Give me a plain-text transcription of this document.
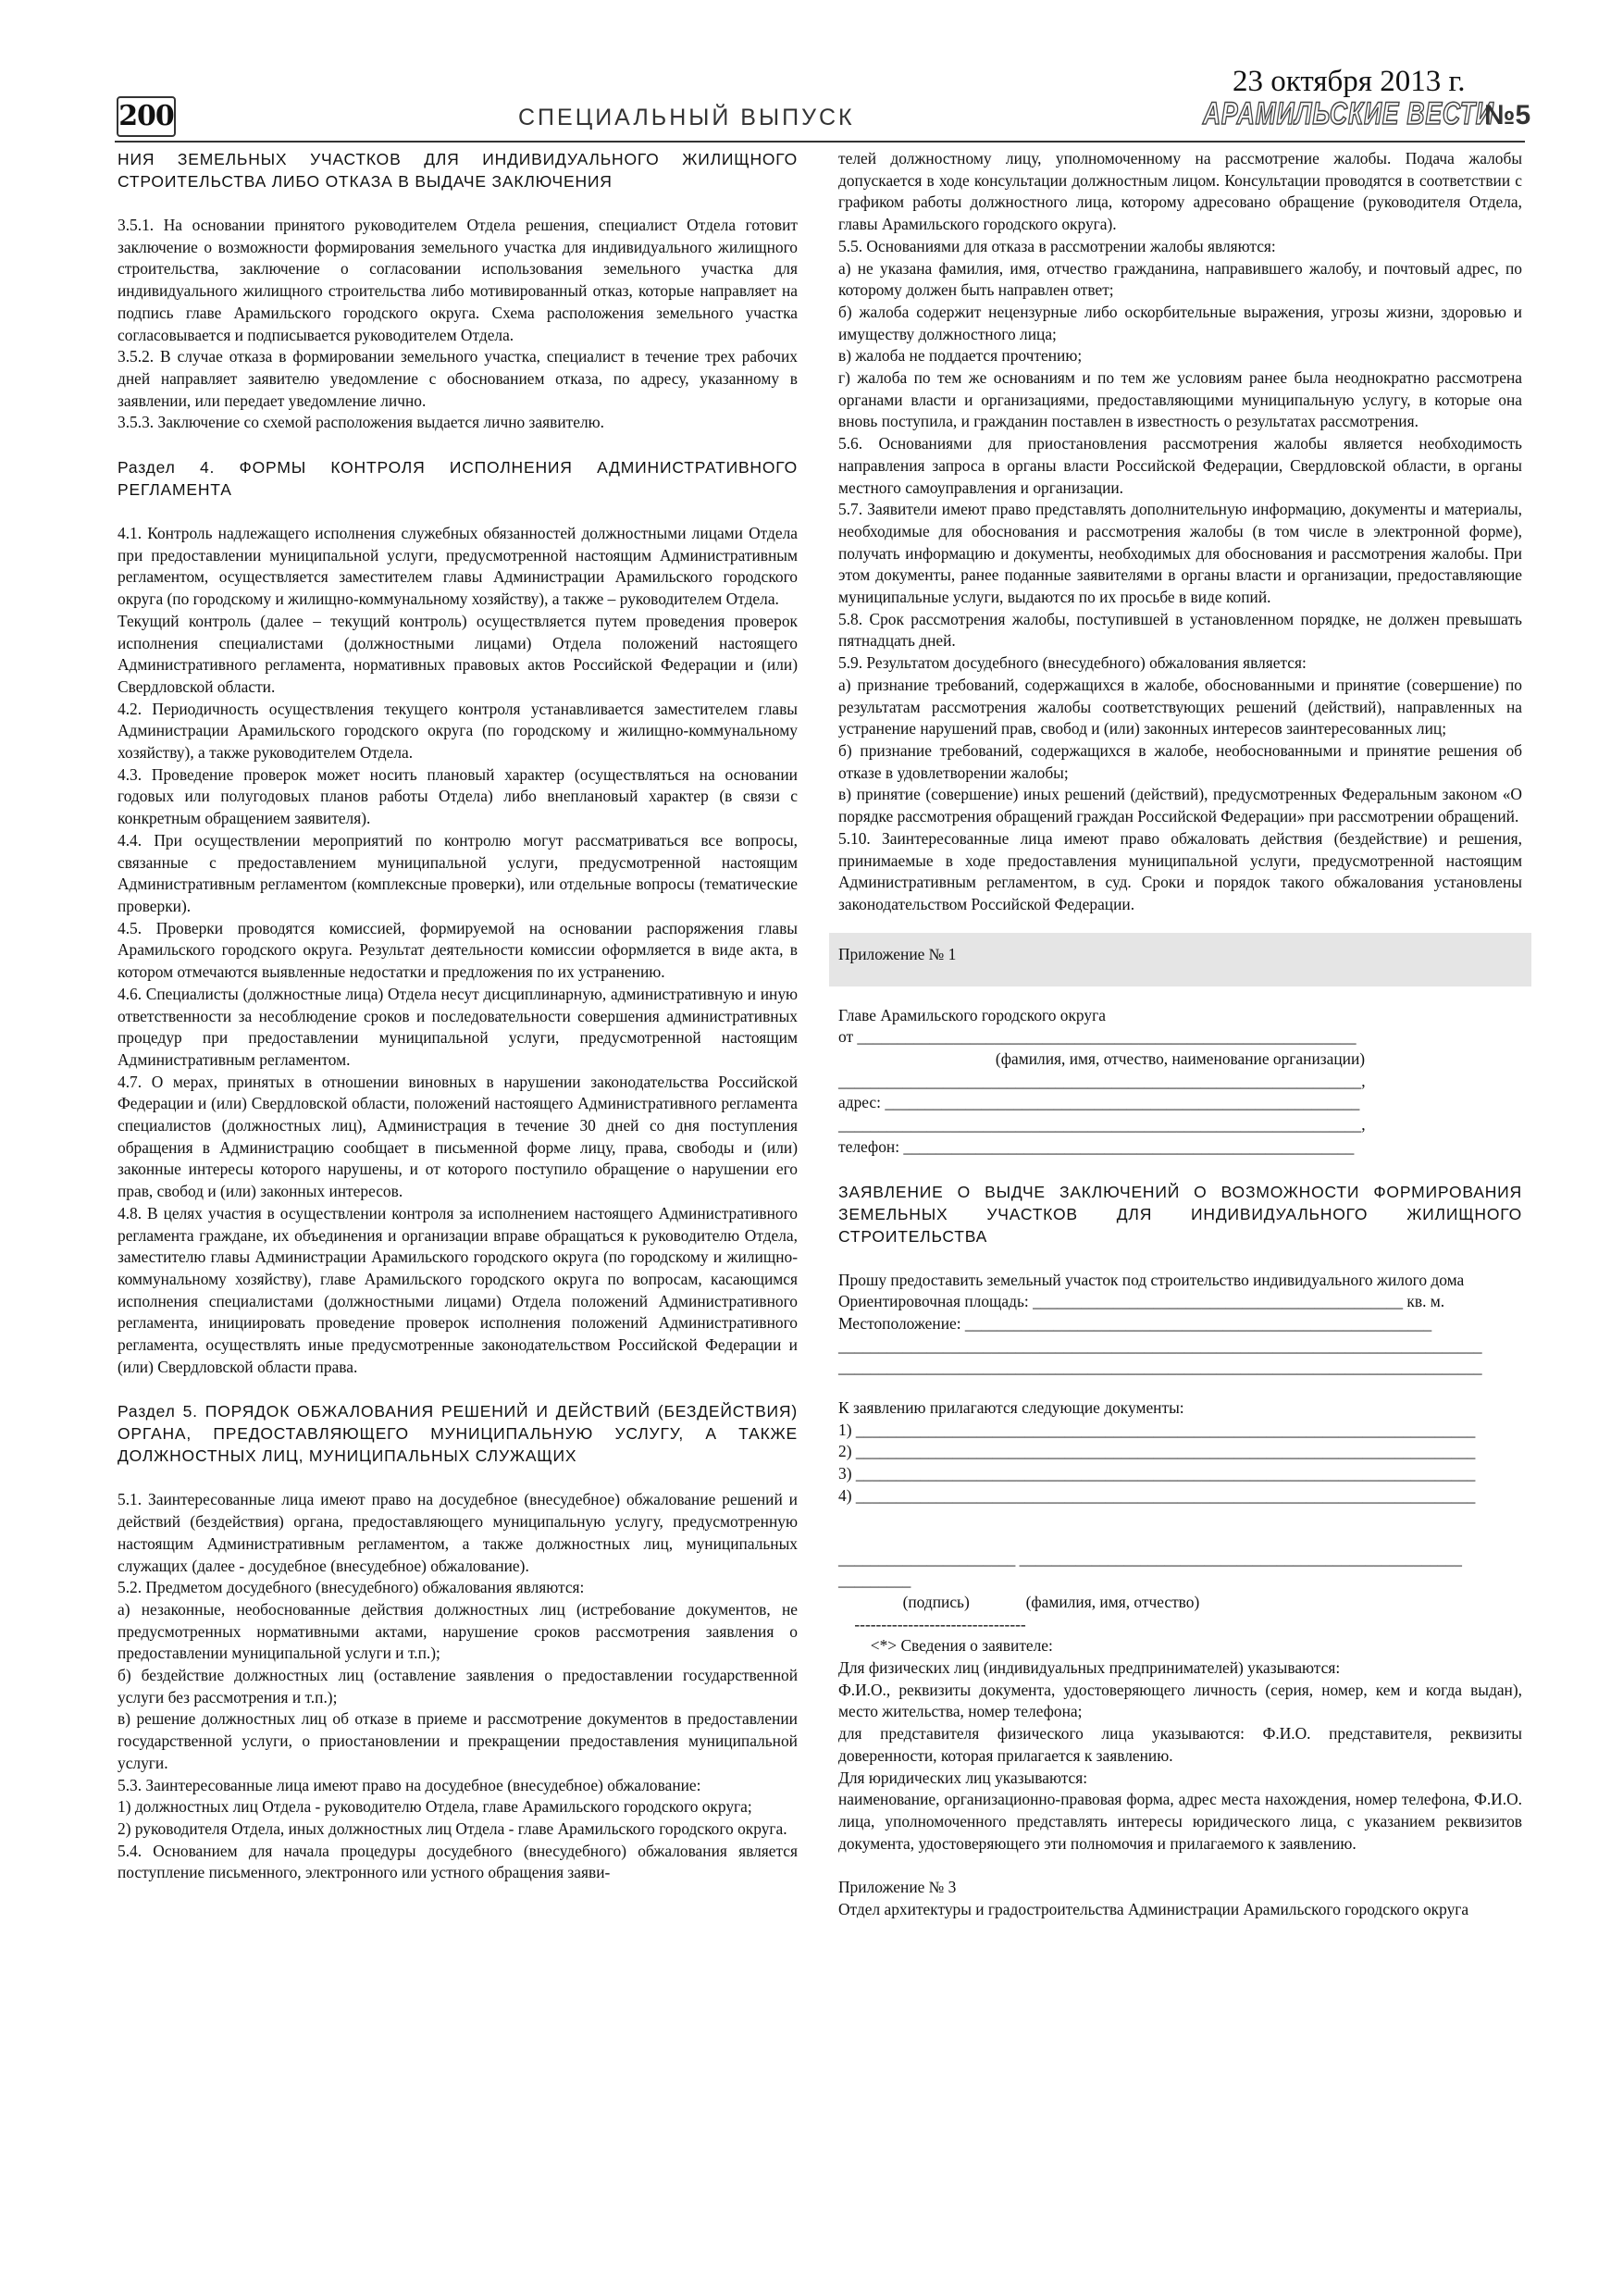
200	СПЕЦИАЛЬНЫЙ ВЫПУСК
23 октября 2013 г.
АРАМИЛЬСКИЕ ВЕСТИ
№5
НИЯ ЗЕМЕЛЬНЫХ УЧАСТКОВ ДЛЯ ИНДИВИДУАЛЬНОГО ЖИЛИЩНОГО СТРОИТЕЛЬСТВА ЛИБО ОТКАЗА В ВЫДАЧЕ ЗАКЛЮЧЕНИЯ
3.5.1. На основании принятого руководителем Отдела решения, специалист Отдела готовит заключение о возможности формирования земельного участка для индивидуального жилищного строительства, заключение о согласовании использования земельного участка для индивидуального жилищного строительства либо мотивированный отказ, которые направляет на подпись главе Арамильского городского округа. Схема расположения земельного участка согласовывается и подписывается руководителем Отдела.
3.5.2. В случае отказа в формировании земельного участка, специалист в течение трех рабочих дней направляет заявителю уведомление с обоснованием отказа, по адресу, указанному в заявлении, или передает уведомление лично.
3.5.3. Заключение со схемой расположения выдается лично заявителю.
Раздел 4. ФОРМЫ КОНТРОЛЯ ИСПОЛНЕНИЯ АДМИНИСТРАТИВНОГО РЕГЛАМЕНТА
4.1. Контроль надлежащего исполнения служебных обязанностей должностными лицами Отдела при предоставлении муниципальной услуги, предусмотренной настоящим Административным регламентом, осуществляется заместителем главы Администрации Арамильского городского округа (по городскому и жилищно-коммунальному хозяйству), а также – руководителем Отдела.
Текущий контроль (далее – текущий контроль) осуществляется путем проведения проверок исполнения специалистами (должностными лицами) Отдела положений настоящего Административного регламента, нормативных правовых актов Российской Федерации и (или) Свердловской области.
4.2. Периодичность осуществления текущего контроля устанавливается заместителем главы Администрации Арамильского городского округа (по городскому и жилищно-коммунальному хозяйству), а также руководителем Отдела.
4.3. Проведение проверок может носить плановый характер (осуществляться на основании годовых или полугодовых планов работы Отдела) либо внеплановый характер (в связи с конкретным обращением заявителя).
4.4. При осуществлении мероприятий по контролю могут рассматриваться все вопросы, связанные с предоставлением муниципальной услуги, предусмотренной настоящим Административным регламентом (комплексные проверки), или отдельные вопросы (тематические проверки).
4.5. Проверки проводятся комиссией, формируемой на основании распоряжения главы Арамильского городского округа. Результат деятельности комиссии оформляется в виде акта, в котором отмечаются выявленные недостатки и предложения по их устранению.
4.6. Специалисты (должностные лица) Отдела несут дисциплинарную, административную и иную ответственности за несоблюдение сроков и последовательности совершения административных процедур при предоставлении муниципальной услуги, предусмотренной настоящим Административным регламентом.
4.7. О мерах, принятых в отношении виновных в нарушении законодательства Российской Федерации и (или) Свердловской области, положений настоящего Административного регламента специалистов (должностных лиц), Администрация в течение 30 дней со дня поступления обращения в Администрацию сообщает в письменной форме лицу, права, свободы и (или) законные интересы которого нарушены, и от которого поступило обращение о нарушении его прав, свобод и (или) законных интересов.
4.8. В целях участия в осуществлении контроля за исполнением настоящего Административного регламента граждане, их объединения и организации вправе обращаться к руководителю Отдела, заместителю главы Администрации Арамильского городского округа (по городскому и жилищно-коммунальному хозяйству), главе Арамильского городского округа по вопросам, касающимся исполнения специалистами (должностными лицами) Отдела положений Административного регламента, инициировать проведение проверок исполнения положений Административного регламента, осуществлять иные предусмотренные законодательством Российской Федерации и (или) Свердловской области права.
Раздел 5. ПОРЯДОК ОБЖАЛОВАНИЯ РЕШЕНИЙ И ДЕЙСТВИЙ (БЕЗДЕЙСТВИЯ) ОРГАНА, ПРЕДОСТАВЛЯЮЩЕГО МУНИЦИПАЛЬНУЮ УСЛУГУ, А ТАКЖЕ ДОЛЖНОСТНЫХ ЛИЦ, МУНИЦИПАЛЬНЫХ СЛУЖАЩИХ
5.1. Заинтересованные лица имеют право на досудебное (внесудебное) обжалование решений и действий (бездействия) органа, предоставляющего муниципальную услугу, предусмотренную настоящим Административным регламентом, а также должностных лиц, муниципальных служащих (далее - досудебное (внесудебное) обжалование).
5.2. Предметом досудебного (внесудебного) обжалования являются:
а) незаконные, необоснованные действия должностных лиц (истребование документов, не предусмотренных нормативными актами, нарушение сроков рассмотрения заявления о предоставлении муниципальной услуги и т.п.);
б) бездействие должностных лиц (оставление заявления о предоставлении государственной услуги без рассмотрения и т.п.);
в) решение должностных лиц об отказе в приеме и рассмотрение документов в предоставлении государственной услуги, о приостановлении и прекращении предоставления муниципальной услуги.
5.3. Заинтересованные лица имеют право на досудебное (внесудебное) обжалование:
1) должностных лиц Отдела - руководителю Отдела, главе Арамильского городского округа;
2) руководителя Отдела, иных должностных лиц Отдела - главе Арамильского городского округа.
5.4. Основанием для начала процедуры досудебного (внесудебного) обжалования является поступление письменного, электронного или устного обращения заяви-
телей должностному лицу, уполномоченному на рассмотрение жалобы. Подача жалобы допускается в ходе консультации должностным лицом. Консультации проводятся в соответствии с графиком работы должностного лица, которому адресовано обращение (руководителя Отдела, главы Арамильского городского округа).
5.5. Основаниями для отказа в рассмотрении жалобы являются:
а) не указана фамилия, имя, отчество гражданина, направившего жалобу, и почтовый адрес, по которому должен быть направлен ответ;
б) жалоба содержит нецензурные либо оскорбительные выражения, угрозы жизни, здоровью и имуществу должностного лица;
в) жалоба не поддается прочтению;
г) жалоба по тем же основаниям и по тем же условиям ранее была неоднократно рассмотрена органами власти и организациями, предоставляющими муниципальную услугу, в которые она вновь поступила, и гражданин поставлен в известность о результатах рассмотрения.
5.6. Основаниями для приостановления рассмотрения жалобы является необходимость направления запроса в органы власти Российской Федерации, Свердловской области, в органы местного самоуправления и организации.
5.7. Заявители имеют право представлять дополнительную информацию, документы и материалы, необходимые для обоснования и рассмотрения жалобы (в том числе в электронной форме), получать информацию и документы, необходимых для обоснования и рассмотрения жалобы. При этом документы, ранее поданные заявителями в органы власти и организации, предоставляющие муниципальные услуги, выдаются по их просьбе в виде копий.
5.8. Срок рассмотрения жалобы, поступившей в установленном порядке, не должен превышать пятнадцать дней.
5.9. Результатом досудебного (внесудебного) обжалования является:
а) признание требований, содержащихся в жалобе, обоснованными и принятие (совершение) по результатам рассмотрения жалобы соответствующих решений (действий), направленных на устранение нарушений прав, свобод и (или) законных интересов заинтересованных лиц;
б) признание требований, содержащихся в жалобе, необоснованными и принятие решения об отказе в удовлетворении жалобы;
в) принятие (совершение) иных решений (действий), предусмотренных Федеральным законом «О порядке рассмотрения обращений граждан Российской Федерации» при рассмотрении обращений.
5.10. Заинтересованные лица имеют право обжаловать действия (бездействие) и решения, принимаемые в ходе предоставления муниципальной услуги, предусмотренной настоящим Административным регламентом, в суд. Сроки и порядок такого обжалования установлены законодательством Российской Федерации.
Приложение № 1
Главе Арамильского городского округа
от ______________________________________________________________
(фамилия, имя, отчество, наименование организации)
_________________________________________________________________,
адрес: ___________________________________________________________
_________________________________________________________________,
телефон: ________________________________________________________
ЗАЯВЛЕНИЕ О ВЫДЧЕ ЗАКЛЮЧЕНИЙ О ВОЗМОЖНОСТИ ФОРМИРОВАНИЯ ЗЕМЕЛЬНЫХ УЧАСТКОВ ДЛЯ ИНДИВИДУАЛЬНОГО ЖИЛИЩНОГО СТРОИТЕЛЬСТВА
Прошу предоставить земельный участок под строительство индивидуального жилого дома
Ориентировочная площадь: ______________________________________________ кв. м.
Местоположение: __________________________________________________________
________________________________________________________________________________
________________________________________________________________________________
К заявлению прилагаются следующие документы:
1) _____________________________________________________________________________
2) _____________________________________________________________________________
3) _____________________________________________________________________________
4) _____________________________________________________________________________
______________________ _______________________________________________________
_________
(подпись)              (фамилия, имя, отчество)
--------------------------------
<*> Сведения о заявителе:
Для физических лиц (индивидуальных предпринимателей) указываются:
Ф.И.О., реквизиты документа, удостоверяющего личность (серия, номер, кем и когда выдан), место жительства, номер телефона;
для представителя физического лица указываются: Ф.И.О. представителя, реквизиты доверенности, которая прилагается к заявлению.
Для юридических лиц указываются:
наименование, организационно-правовая форма, адрес места нахождения, номер телефона, Ф.И.О. лица, уполномоченного представлять интересы юридического лица, с указанием реквизитов документа, удостоверяющего эти полномочия и прилагаемого к заявлению.
Приложение № 3
Отдел архитектуры и градостроительства Администрации Арамильского городского округа
